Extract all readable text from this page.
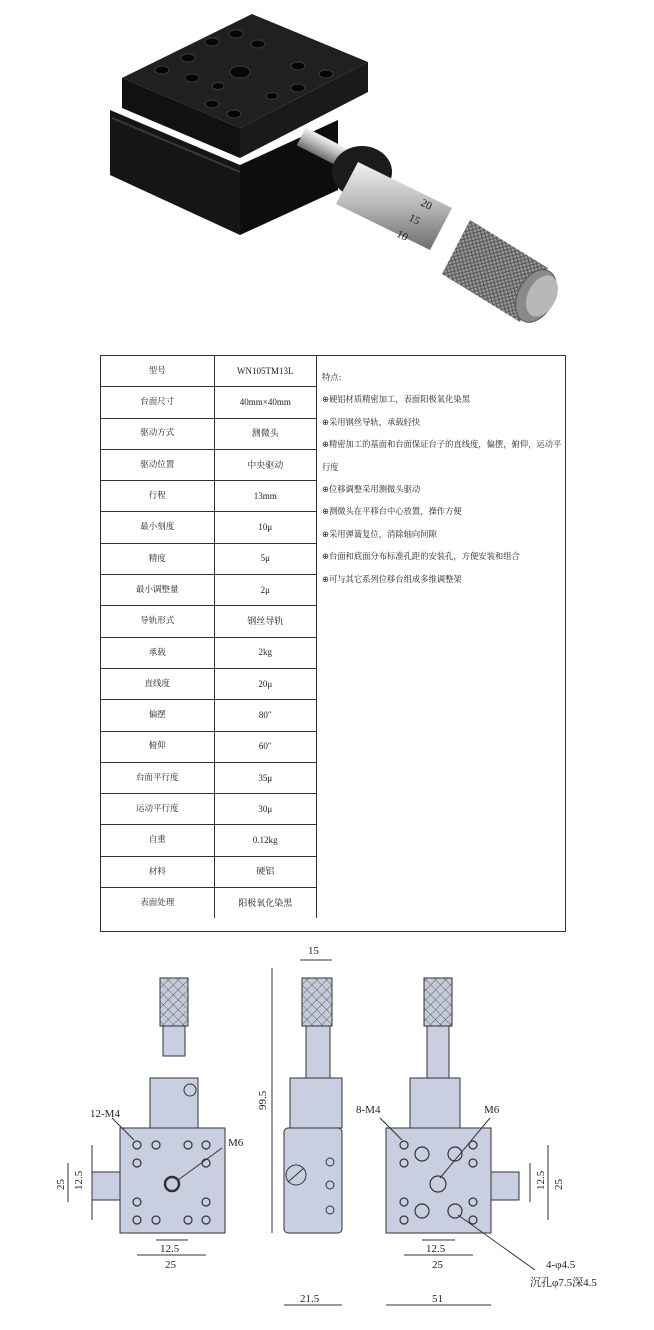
20
15
10
型号	WN105TM13L
台面尺寸	40mm×40mm
驱动方式	测微头
驱动位置	中央驱动
行程	13mm
最小刻度	10μ
精度	5μ
最小调整量	2μ
导轨形式	钢丝导轨
承载	2kg
直线度	20μ
偏摆	80″
俯仰	60″
台面平行度	35μ
运动平行度	30μ
自重	0.12kg
材料	硬铝
表面处理	阳极氧化染黑
特点:
⊕硬铝材质精密加工，表面阳极氧化染黑
⊕采用钢丝导轨，承载轻快
⊕精密加工的基面和台面保证台子的直线度，偏摆，俯仰，运动平行度
⊕位移调整采用测微头驱动
⊕测微头在平移台中心放置，操作方便
⊕采用弹簧复位，消除轴向间隙
⊕台面和底面分布标准孔距的安装孔，方便安装和组合
⊕可与其它系列位移台组成多维调整架
12-M4
M6
12.5
25
12.5
25
15
99.5
21.5
8-M4	M6
12.5
25
12.5 25
51
4-φ4.5
沉孔φ7.5深4.5
